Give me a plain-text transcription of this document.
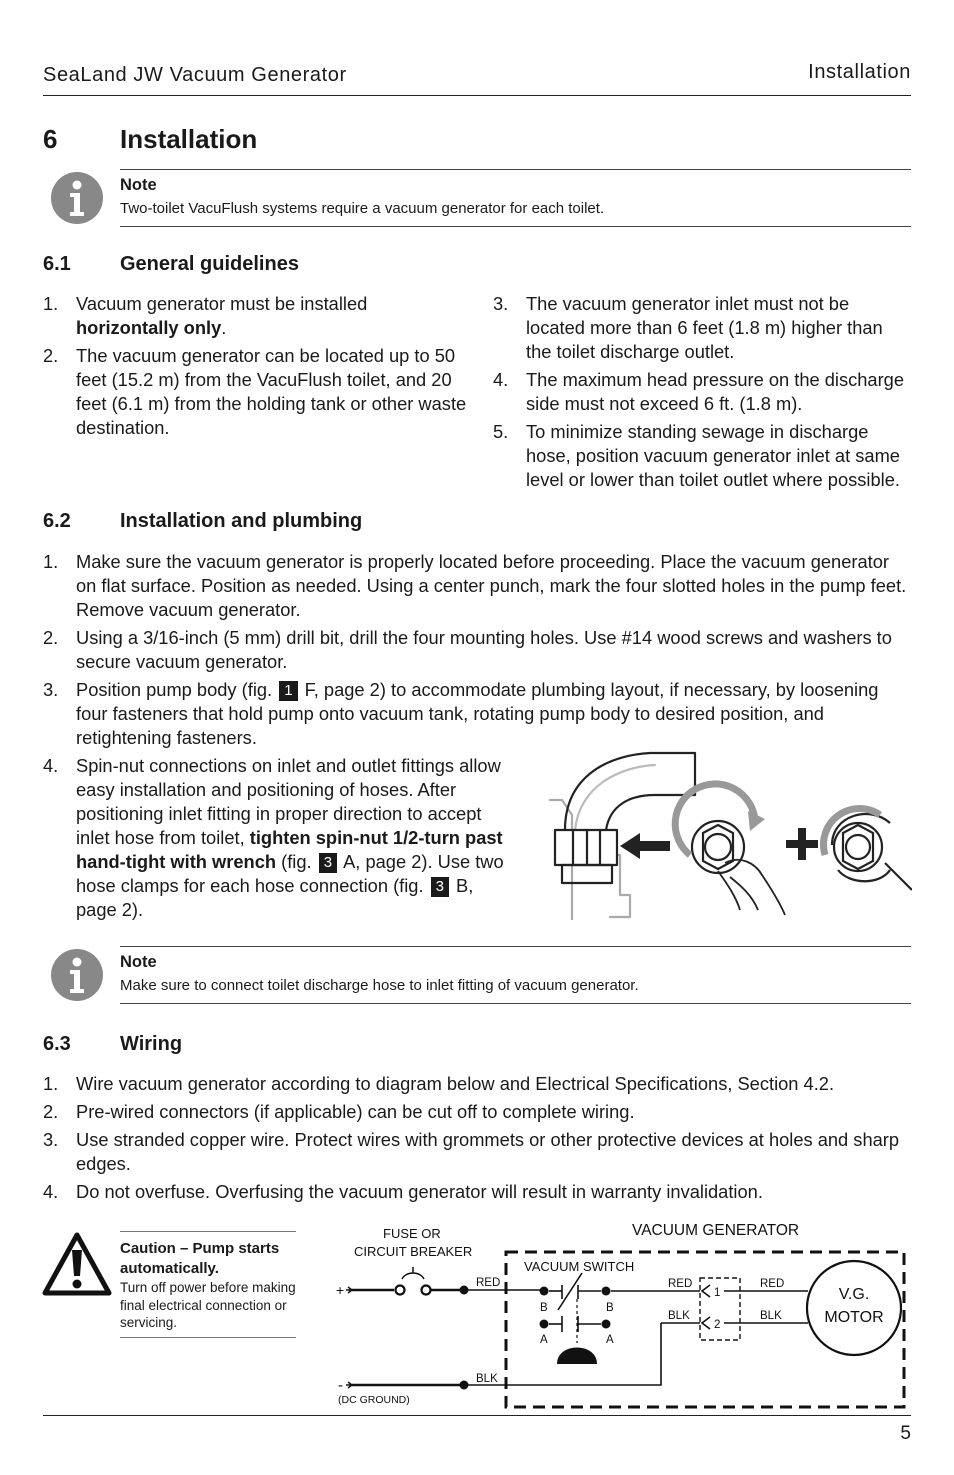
SeaLand JW Vacuum Generator	Installation
6 Installation
Note
Two-toilet VacuFlush systems require a vacuum generator for each toilet.
6.1 General guidelines
1. Vacuum generator must be installed horizontally only.
2. The vacuum generator can be located up to 50 feet (15.2 m) from the VacuFlush toilet, and 20 feet (6.1 m) from the holding tank or other waste destination.
3. The vacuum generator inlet must not be located more than 6 feet (1.8 m) higher than the toilet discharge outlet.
4. The maximum head pressure on the discharge side must not exceed 6 ft. (1.8 m).
5. To minimize standing sewage in discharge hose, position vacuum generator inlet at same level or lower than toilet outlet where possible.
6.2 Installation and plumbing
1. Make sure the vacuum generator is properly located before proceeding. Place the vacuum generator on flat surface. Position as needed. Using a center punch, mark the four slotted holes in the pump feet. Remove vacuum generator.
2. Using a 3/16-inch (5 mm) drill bit, drill the four mounting holes. Use #14 wood screws and washers to secure vacuum generator.
3. Position pump body (fig. 1 F, page 2) to accommodate plumbing layout, if necessary, by loosening four fasteners that hold pump onto vacuum tank, rotating pump body to desired position, and retightening fasteners.
4. Spin-nut connections on inlet and outlet fittings allow easy installation and positioning of hoses. After positioning inlet fitting in proper direction to accept inlet hose from toilet, tighten spin-nut 1/2-turn past hand-tight with wrench (fig. 3 A, page 2). Use two hose clamps for each hose connection (fig. 3 B, page 2).
Note
Make sure to connect toilet discharge hose to inlet fitting of vacuum generator.
6.3 Wiring
1. Wire vacuum generator according to diagram below and Electrical Specifications, Section 4.2.
2. Pre-wired connectors (if applicable) can be cut off to complete wiring.
3. Use stranded copper wire. Protect wires with grommets or other protective devices at holes and sharp edges.
4. Do not overfuse. Overfusing the vacuum generator will result in warranty invalidation.
Caution – Pump starts automatically.
Turn off power before making final electrical connection or servicing.
VACUUM GENERATOR
FUSE OR
CIRCUIT BREAKER
+	RED
VACUUM SWITCH
B	B
A	A
RED
BLK
1
2
RED
BLK
V.G.
MOTOR
-	BLK
(DC GROUND)
5
